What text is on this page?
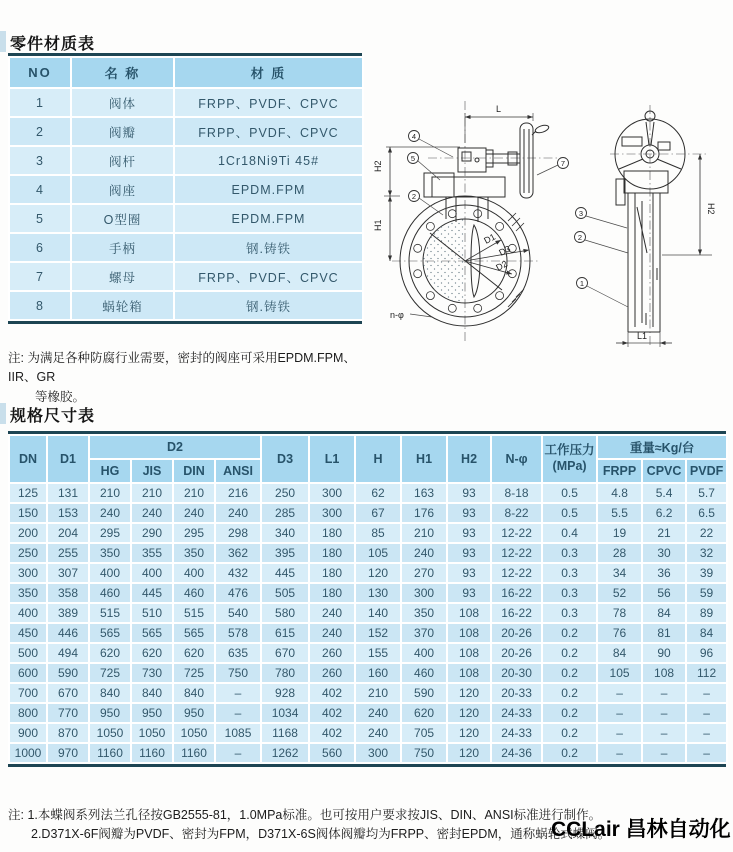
零件材质表
NO	名 称	材 质
1	阀体	FRPP、PVDF、CPVC
2	阀瓣	FRPP、PVDF、CPVC
3	阀杆	1Cr18Ni9Ti 45#
4	阀座	EPDM.FPM
5	O型圈	EPDM.FPM
6	手柄	钢.铸铁
7	螺母	FRPP、PVDF、CPVC
8	蜗轮箱	钢.铸铁
注: 为满足各种防腐行业需要，密封的阀座可采用EPDM.FPM、IIR、GR
等橡胶。
L
H2
H1
D1
D3
D2
n-φ
4
5
2
7
H2
L1
3
2
1
规格尺寸表
DN	D1	D2				D3	L1	H	H1	H2	N-φ	工作压力
(MPa)	重量≈Kg/台		
		HG	JIS	DIN	ANSI								FRPP	CPVC	PVDF
125	131	210	210	210	216	250	300	62	163	93	8-18	0.5	4.8	5.4	5.7
150	153	240	240	240	240	285	300	67	176	93	8-22	0.5	5.5	6.2	6.5
200	204	295	290	295	298	340	180	85	210	93	12-22	0.4	19	21	22
250	255	350	355	350	362	395	180	105	240	93	12-22	0.3	28	30	32
300	307	400	400	400	432	445	180	120	270	93	12-22	0.3	34	36	39
350	358	460	445	460	476	505	180	130	300	93	16-22	0.3	52	56	59
400	389	515	510	515	540	580	240	140	350	108	16-22	0.3	78	84	89
450	446	565	565	565	578	615	240	152	370	108	20-26	0.2	76	81	84
500	494	620	620	620	635	670	260	155	400	108	20-26	0.2	84	90	96
600	590	725	730	725	750	780	260	160	460	108	20-30	0.2	105	108	112
700	670	840	840	840	–	928	402	210	590	120	20-33	0.2	–	–	–
800	770	950	950	950	–	1034	402	240	620	120	24-33	0.2	–	–	–
900	870	1050	1050	1050	1085	1168	402	240	705	120	24-33	0.2	–	–	–
1000	970	1160	1160	1160	–	1262	560	300	750	120	24-36	0.2	–	–	–
注: 1.本蝶阀系列法兰孔径按GB2555-81，1.0MPa标准。也可按用户要求按JIS、DIN、ANSI标准进行制作。
2.D371X-6F阀瓣为PVDF、密封为FPM，D371X-6S阀体阀瓣均为FRPP、密封EPDM，通称蜗轮式蝶阀。
CCLair 昌林自动化
